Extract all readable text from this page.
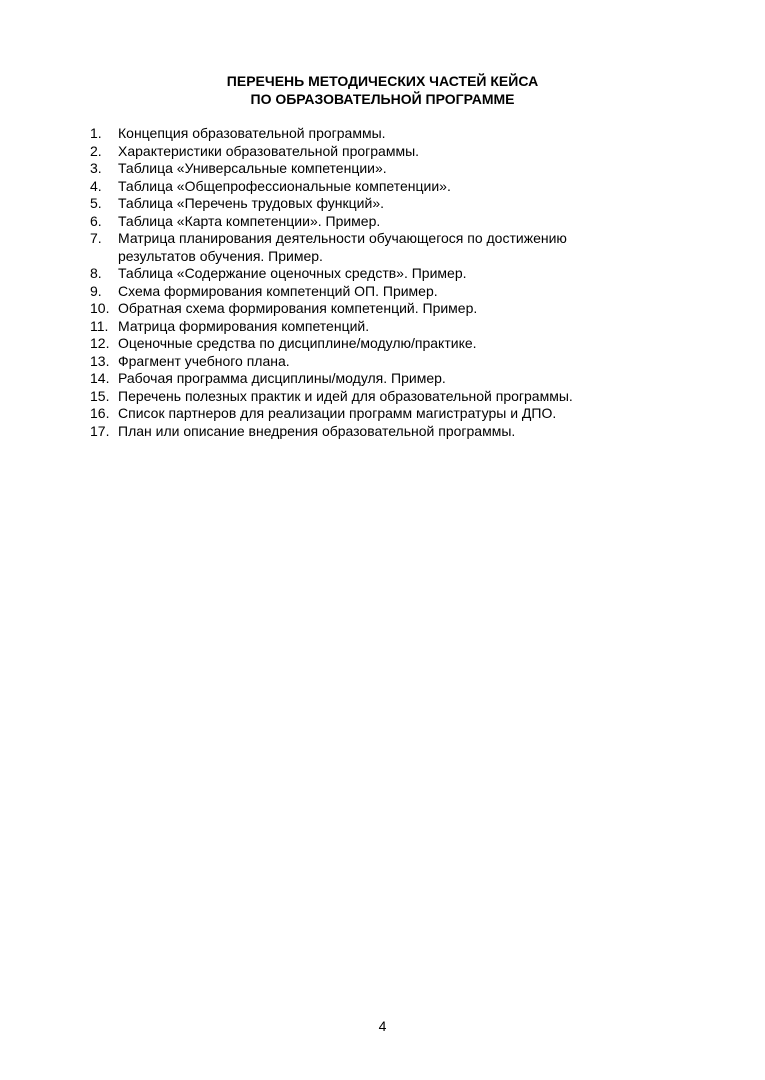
ПЕРЕЧЕНЬ МЕТОДИЧЕСКИХ ЧАСТЕЙ КЕЙСА
ПО ОБРАЗОВАТЕЛЬНОЙ ПРОГРАММЕ
1.	Концепция образовательной программы.
2.	Характеристики образовательной программы.
3.	Таблица «Универсальные компетенции».
4.	Таблица «Общепрофессиональные компетенции».
5.	Таблица «Перечень трудовых функций».
6.	Таблица «Карта компетенции». Пример.
7.	Матрица планирования деятельности обучающегося по достижению
результатов обучения. Пример.
8.	Таблица «Содержание оценочных средств». Пример.
9.	Схема формирования компетенций ОП. Пример.
10. Обратная схема формирования компетенций. Пример.
11. Матрица формирования компетенций.
12. Оценочные средства по дисциплине/модулю/практике.
13. Фрагмент учебного плана.
14. Рабочая программа дисциплины/модуля. Пример.
15. Перечень полезных практик и идей для образовательной программы.
16. Список партнеров для реализации программ магистратуры и ДПО.
17. План или описание внедрения образовательной программы.
4
